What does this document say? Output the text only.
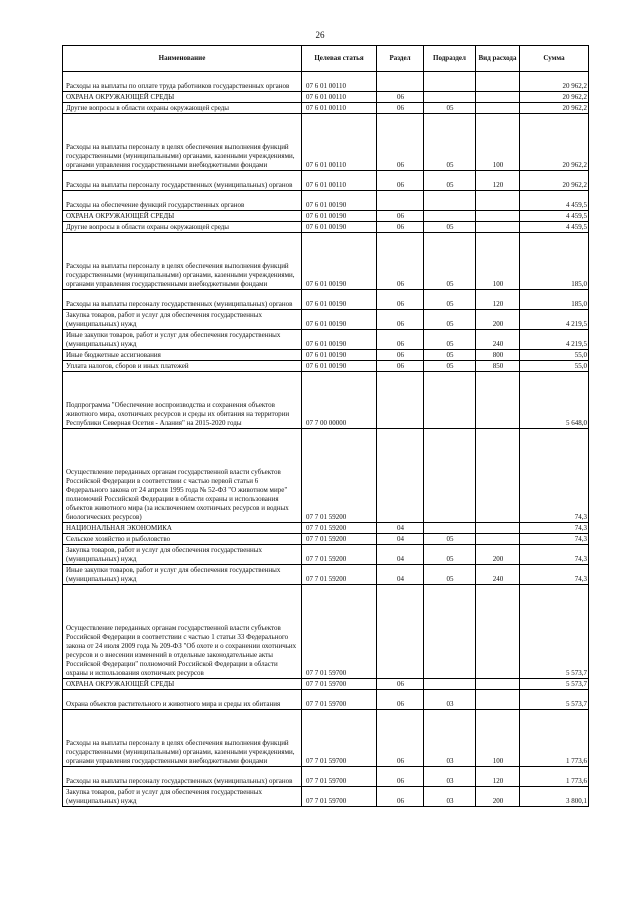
26
Наименование	Целевая статья	Раздел	Подраздел	Вид расхода	Сумма
Расходы на выплаты по оплате труда работников государственных органов	07 6 01 00110				20 962,2
ОХРАНА ОКРУЖАЮЩЕЙ СРЕДЫ	07 6 01 00110	06			20 962,2
Другие вопросы в области охраны окружающей среды	07 6 01 00110	06	05		20 962,2
Расходы на выплаты персоналу в целях обеспечения выполнения функций государственными (муниципальными) органами, казенными учреждениями, органами управления государственными внебюджетными фондами	07 6 01 00110	06	05	100	20 962,2
Расходы на выплаты персоналу государственных (муниципальных) органов	07 6 01 00110	06	05	120	20 962,2
Расходы на обеспечение функций государственных органов	07 6 01 00190				4 459,5
ОХРАНА ОКРУЖАЮЩЕЙ СРЕДЫ	07 6 01 00190	06			4 459,5
Другие вопросы в области охраны окружающей среды	07 6 01 00190	06	05		4 459,5
Расходы на выплаты персоналу в целях обеспечения выполнения функций государственными (муниципальными) органами, казенными учреждениями, органами управления государственными внебюджетными фондами	07 6 01 00190	06	05	100	185,0
Расходы на выплаты персоналу государственных (муниципальных) органов	07 6 01 00190	06	05	120	185,0
Закупка товаров, работ и услуг для обеспечения государственных (муниципальных) нужд	07 6 01 00190	06	05	200	4 219,5
Иные закупки товаров, работ и услуг для обеспечения государственных (муниципальных) нужд	07 6 01 00190	06	05	240	4 219,5
Иные бюджетные ассигнования	07 6 01 00190	06	05	800	55,0
Уплата налогов, сборов и иных платежей	07 6 01 00190	06	05	850	55,0
Подпрограмма "Обеспечение воспроизводства и сохранения объектов животного мира, охотничьих ресурсов и среды их обитания на территории Республики Северная Осетия - Алания" на 2015-2020 годы	07 7 00 00000				5 648,0
Осуществление переданных органам государственной власти субъектов Российской Федерации в соответствии с частью первой статьи 6 Федерального закона от 24 апреля 1995 года № 52-ФЗ "О животном мире" полномочий Российской Федерации в области охраны и использования объектов животного мира (за исключением охотничьих ресурсов и водных биологических ресурсов)	07 7 01 59200				74,3
НАЦИОНАЛЬНАЯ ЭКОНОМИКА	07 7 01 59200	04			74,3
Сельское хозяйство и рыболовство	07 7 01 59200	04	05		74,3
Закупка товаров, работ и услуг для обеспечения государственных (муниципальных) нужд	07 7 01 59200	04	05	200	74,3
Иные закупки товаров, работ и услуг для обеспечения государственных (муниципальных) нужд	07 7 01 59200	04	05	240	74,3
Осуществление переданных органам государственной власти субъектов Российской Федерации в соответствии с частью 1 статьи 33 Федерального закона от 24 июля 2009 года № 209-ФЗ "Об охоте и о сохранении охотничьих ресурсов и о внесении изменений в отдельные законодательные акты Российской Федерации" полномочий Российской Федерации в области охраны и использования охотничьих ресурсов	07 7 01 59700				5 573,7
ОХРАНА ОКРУЖАЮЩЕЙ СРЕДЫ	07 7 01 59700	06			5 573,7
Охрана объектов растительного и животного мира и среды их обитания	07 7 01 59700	06	03		5 573,7
Расходы на выплаты персоналу в целях обеспечения выполнения функций государственными (муниципальными) органами, казенными учреждениями, органами управления государственными внебюджетными фондами	07 7 01 59700	06	03	100	1 773,6
Расходы на выплаты персоналу государственных (муниципальных) органов	07 7 01 59700	06	03	120	1 773,6
Закупка товаров, работ и услуг для обеспечения государственных (муниципальных) нужд	07 7 01 59700	06	03	200	3 800,1
